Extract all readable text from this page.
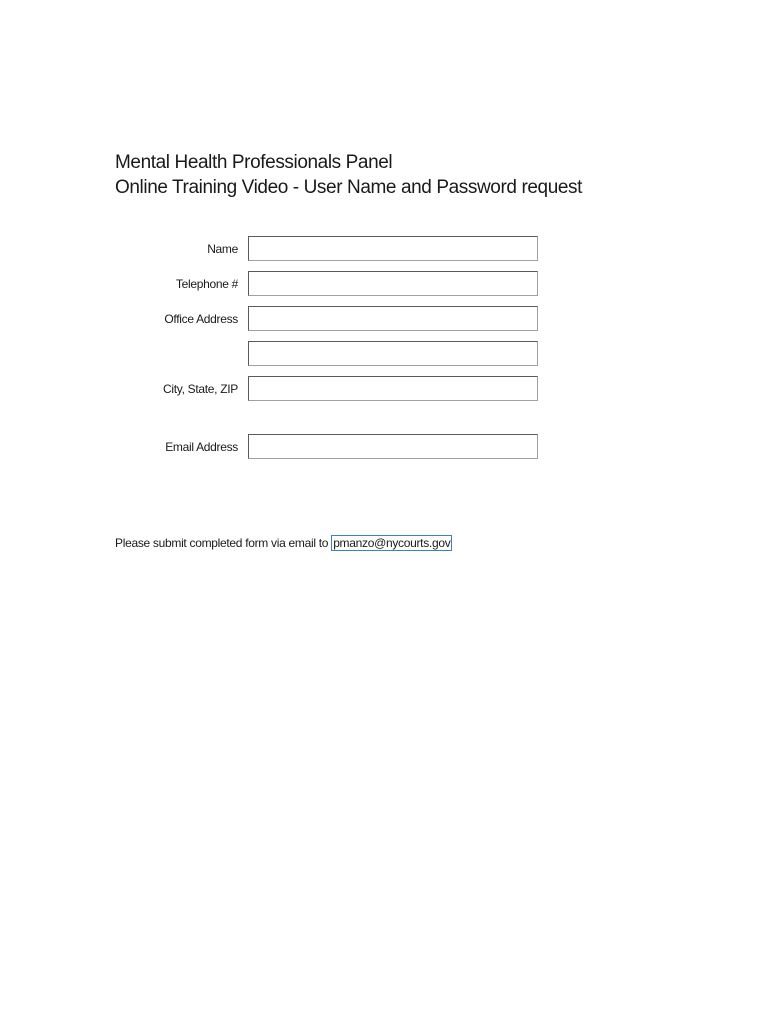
Mental Health Professionals Panel
Online Training Video - User Name and Password request
Name
Telephone #
Office Address
City, State, ZIP
Email Address
Please submit completed form via email to pmanzo@nycourts.gov
